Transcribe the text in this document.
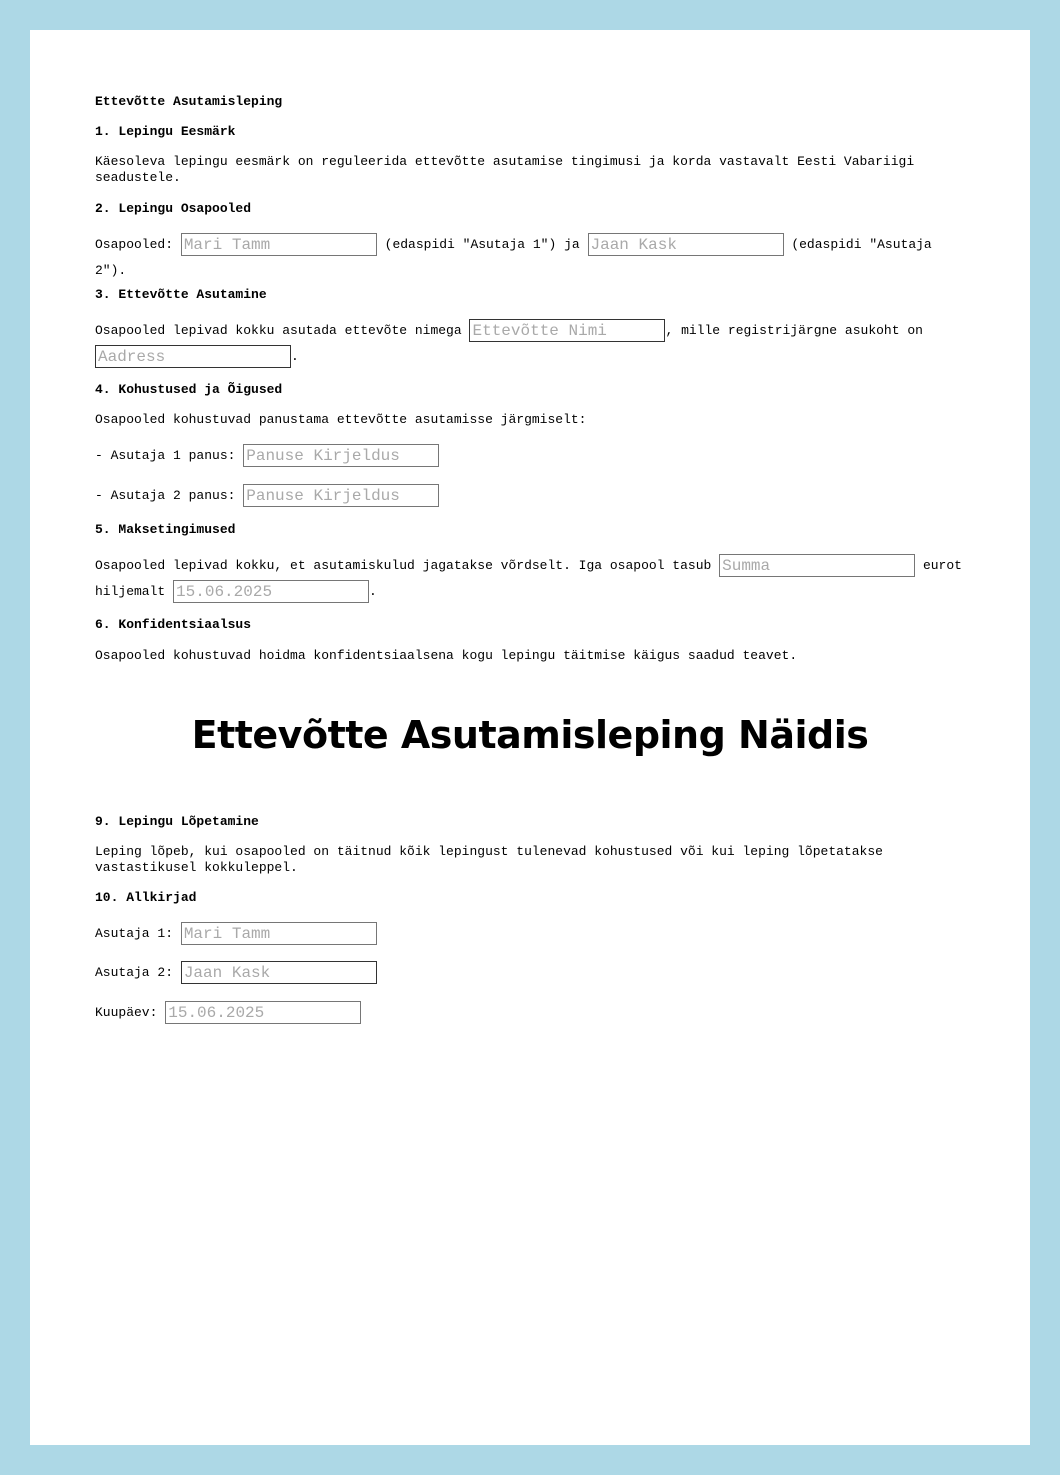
Ettevõtte Asutamisleping

1. Lepingu Eesmärk

Käesoleva lepingu eesmärk on reguleerida ettevõtte asutamise tingimusi ja korda vastavalt Eesti Vabariigi seadustele.

2. Lepingu Osapooled

Osapooled: Mari Tamm	(edaspidi "Asutaja 1") ja Jaan Kask	(edaspidi "Asutaja 2").

3. Ettevõtte Asutamine

Osapooled lepivad kokku asutada ettevõte nimega Ettevõtte Nimi	, mille registrijärgne asukoht on Aadress.

4. Kohustused ja Õigused

Osapooled kohustuvad panustama ettevõtte asutamisse järgmiselt:

- Asutaja 1 panus: Panuse Kirjeldus
- Asutaja 2 panus: Panuse Kirjeldus

5. Maksetingimused

Osapooled lepivad kokku, et asutamiskulud jagatakse võrdselt. Iga osapool tasub Summa	eurot hiljemalt 15.06.2025	.

6. Konfidentsiaalsus

Osapooled kohustuvad hoidma konfidentsiaalsena kogu lepingu täitmise käigus saadud teavet.

9. Lepingu Lõpetamine

Leping lõpeb, kui osapooled on täitnud kõik lepingust tulenevad kohustused või kui leping lõpetatakse vastastikusel kokkuleppel.

10. Allkirjad

Asutaja 1: Mari Tamm
Asutaja 2: Jaan Kask
Kuupäev: 15.06.2025
Ettevõtte Asutamisleping Näidis
